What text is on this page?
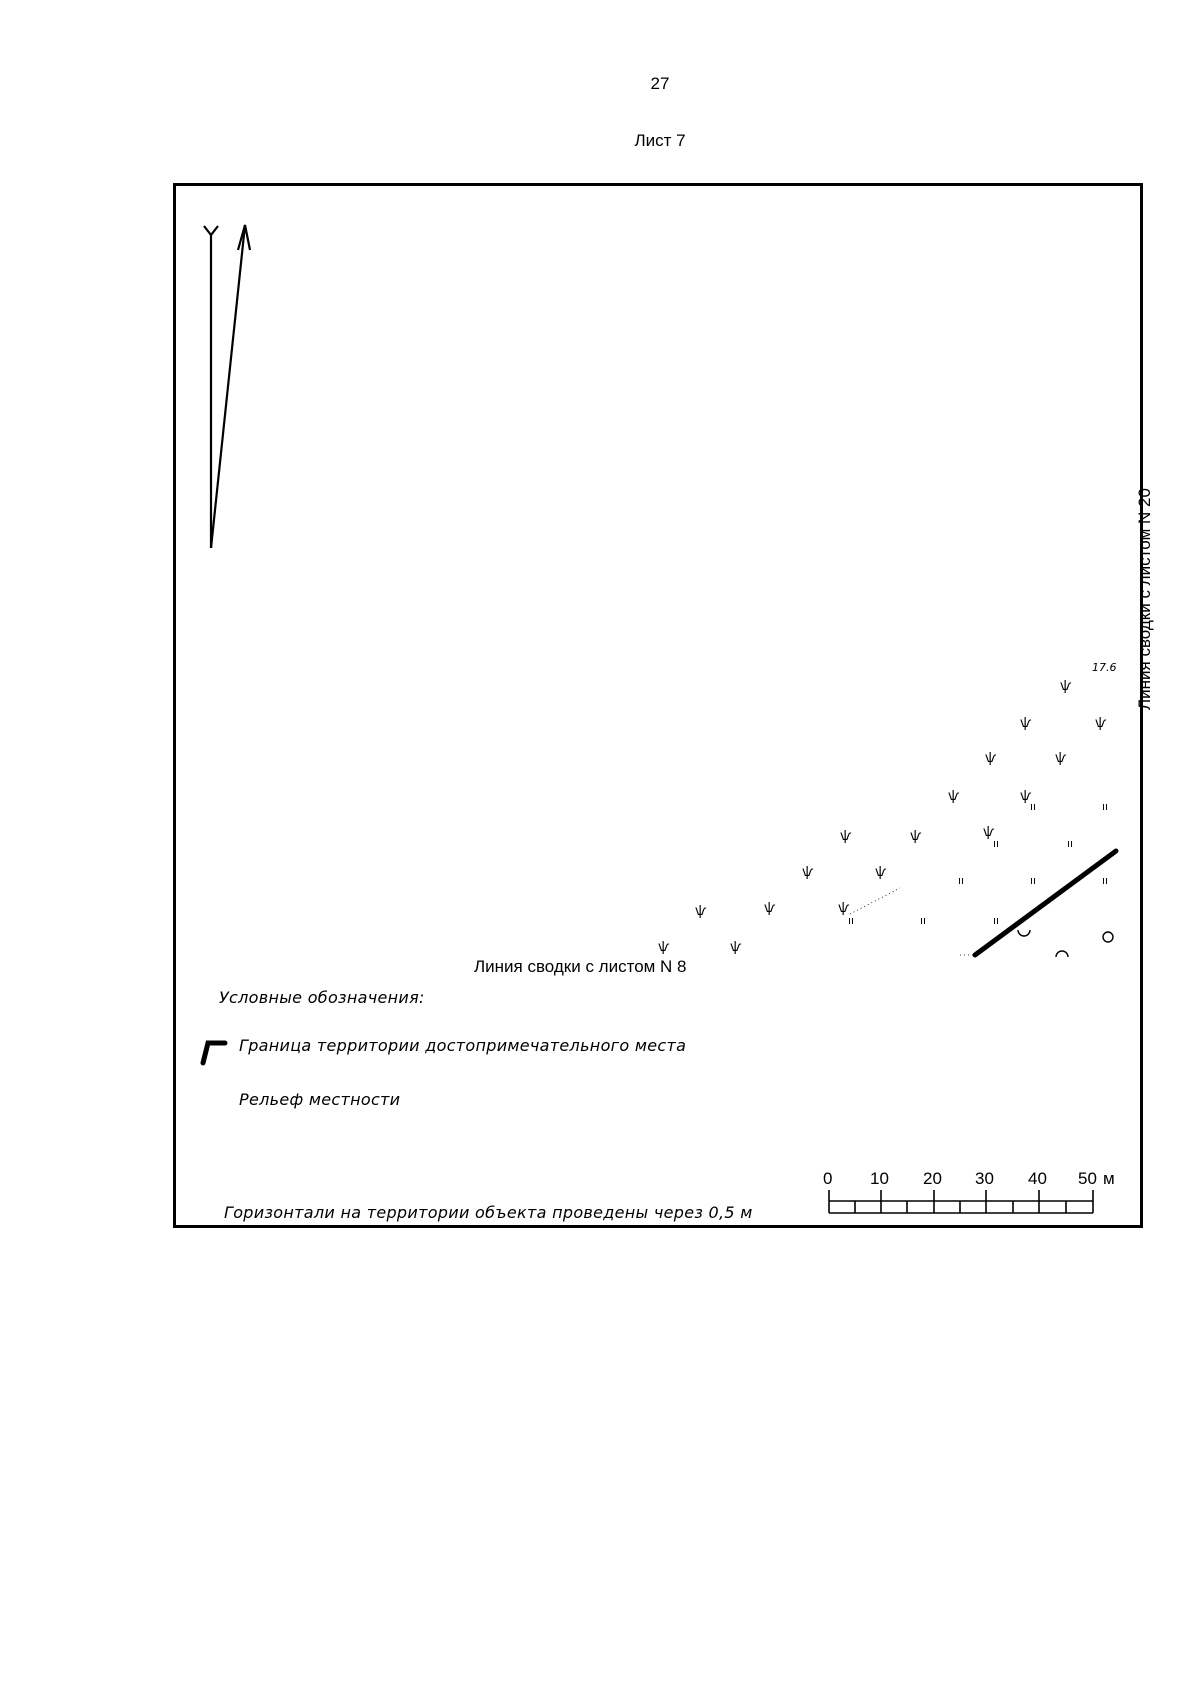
27
Лист 7
ѱ
ѱ	ѱ
ѱ	ѱ
ѱ	ѱ
ѱ	ѱ	ѱ
ѱ	ѱ
ѱ	ѱ	ѱ
ѱ	ѱ
ıı	ıı
ıı	ıı
ıı	ıı	ıı
ıı	ıı	ıı
17.6
0 10 20 30 40 50 м
Линия сводки с листом N 8
Линия сводки с листом N 20
Условные обозначения:
Граница территории достопримечательного места
Рельеф местности
Горизонтали на территории объекта проведены через 0,5 м
